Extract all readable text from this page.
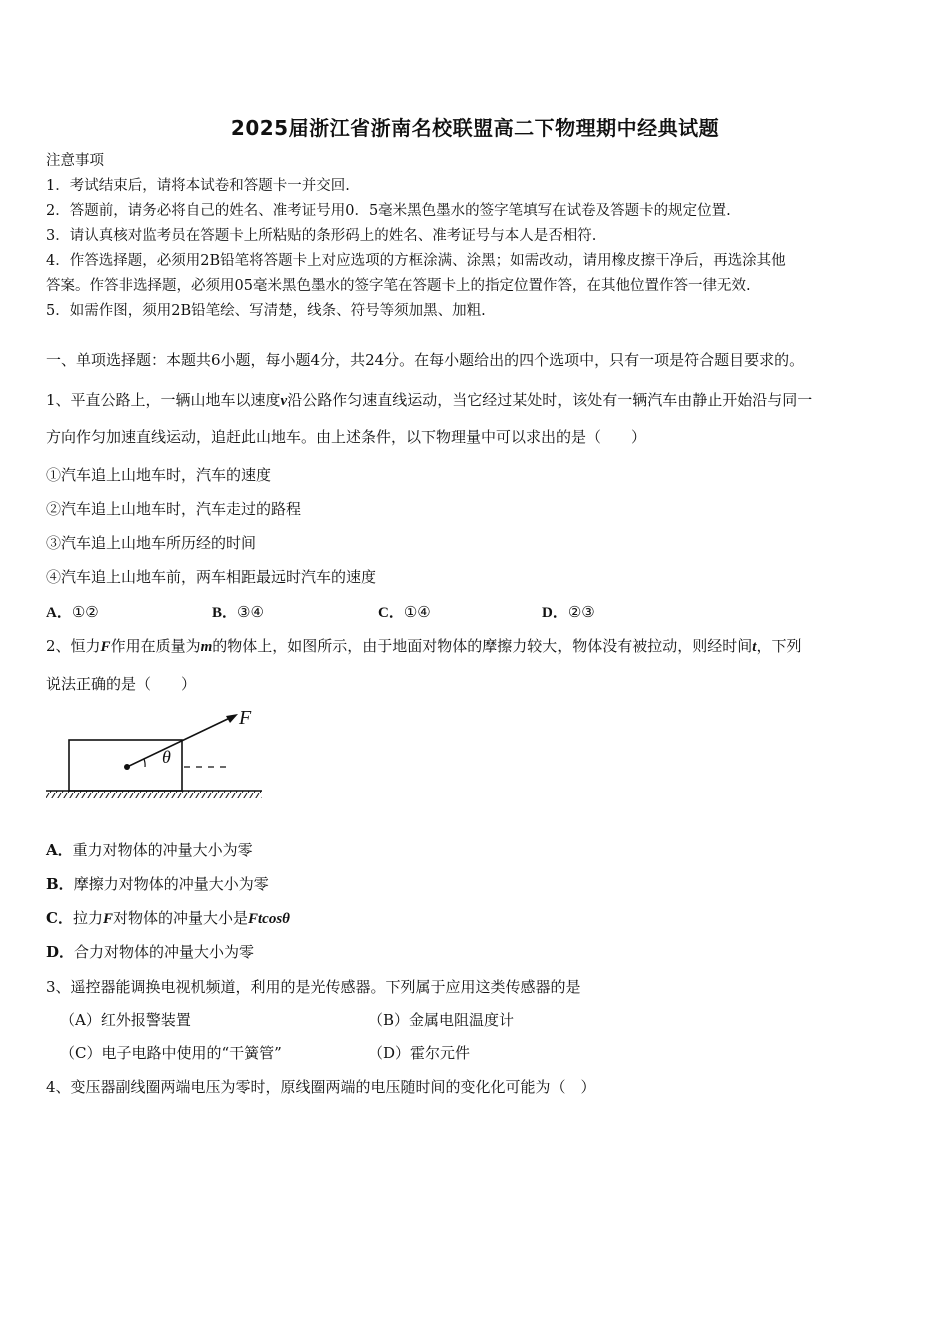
2025届浙江省浙南名校联盟高二下物理期中经典试题
注意事项
1．考试结束后，请将本试卷和答题卡一并交回.
2．答题前，请务必将自己的姓名、准考证号用0．5毫米黑色墨水的签字笔填写在试卷及答题卡的规定位置.
3．请认真核对监考员在答题卡上所粘贴的条形码上的姓名、准考证号与本人是否相符.
4．作答选择题，必须用2B铅笔将答题卡上对应选项的方框涂满、涂黑；如需改动，请用橡皮擦干净后，再选涂其他
答案。作答非选择题，必须用05毫米黑色墨水的签字笔在答题卡上的指定位置作答，在其他位置作答一律无效.
5．如需作图，须用2B铅笔绘、写清楚，线条、符号等须加黑、加粗.
一、单项选择题：本题共6小题，每小题4分，共24分。在每小题给出的四个选项中，只有一项是符合题目要求的。
1、平直公路上，一辆山地车以速度v沿公路作匀速直线运动，当它经过某处时，该处有一辆汽车由静止开始沿与同一
方向作匀加速直线运动，追赶此山地车。由上述条件，以下物理量中可以求出的是（　　）
①汽车追上山地车时，汽车的速度
②汽车追上山地车时，汽车走过的路程
③汽车追上山地车所历经的时间
④汽车追上山地车前，两车相距最远时汽车的速度
A．①②	B．③④	C．①④	D．②③
2、恒力F作用在质量为m的物体上，如图所示，由于地面对物体的摩擦力较大，物体没有被拉动，则经时间t，下列
说法正确的是（　　）
θ
F
A．重力对物体的冲量大小为零
B．摩擦力对物体的冲量大小为零
C．拉力F对物体的冲量大小是Ftcosθ
D．合力对物体的冲量大小为零
3、遥控器能调换电视机频道，利用的是光传感器。下列属于应用这类传感器的是
（A）红外报警装置	（B）金属电阻温度计
（C）电子电路中使用的“干簧管”	（D）霍尔元件
4、变压器副线圈两端电压为零时，原线圈两端的电压随时间的变化化可能为（　）
